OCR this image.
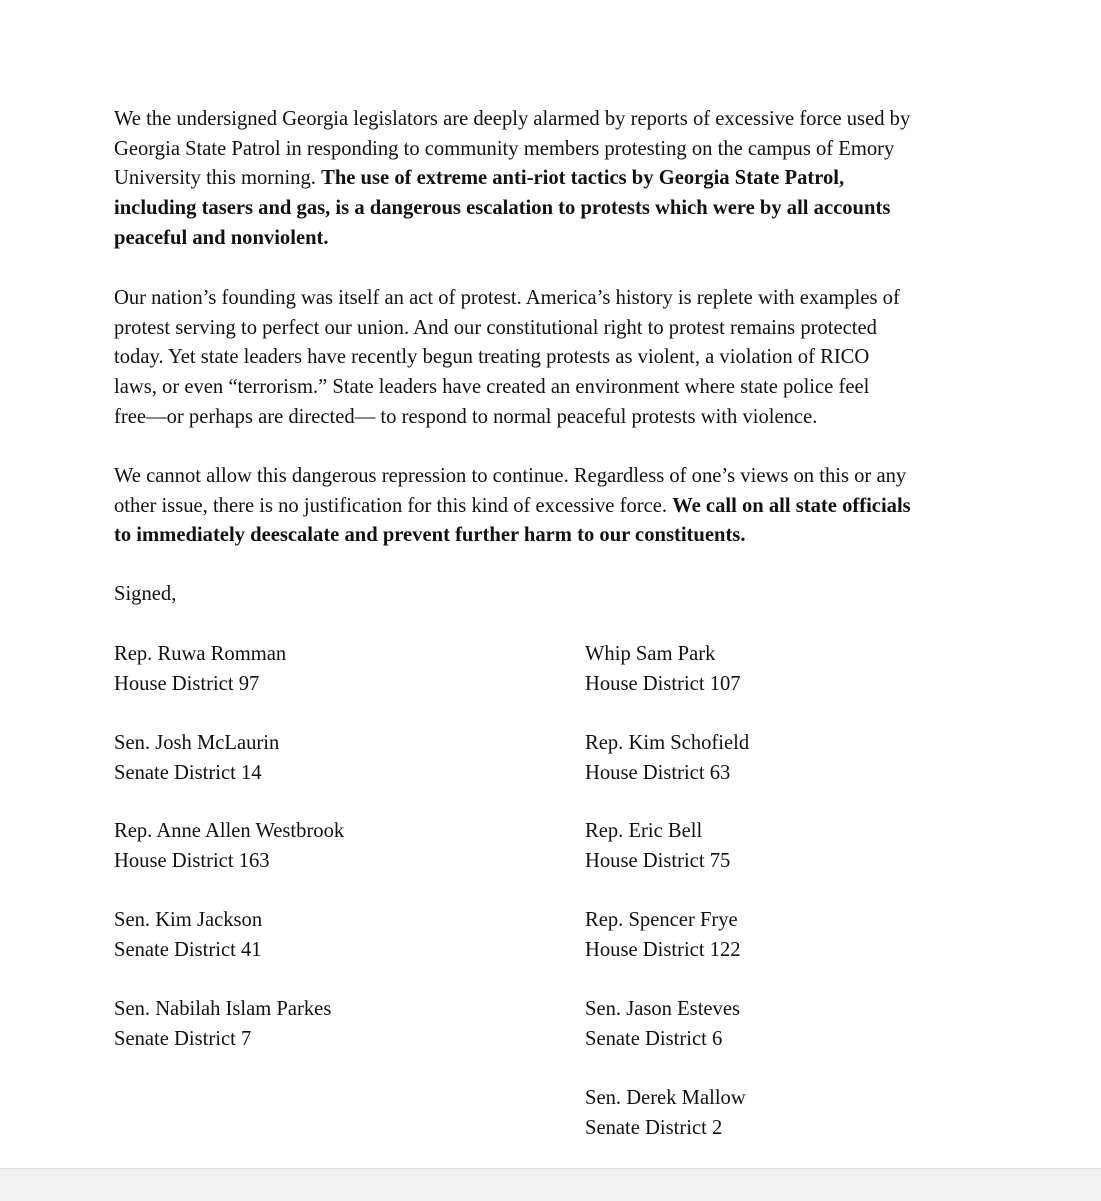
We the undersigned Georgia legislators are deeply alarmed by reports of excessive force used by
Georgia State Patrol in responding to community members protesting on the campus of Emory
University this morning. The use of extreme anti-riot tactics by Georgia State Patrol,
including tasers and gas, is a dangerous escalation to protests which were by all accounts
peaceful and nonviolent.

Our nation’s founding was itself an act of protest. America’s history is replete with examples of
protest serving to perfect our union. And our constitutional right to protest remains protected
today. Yet state leaders have recently begun treating protests as violent, a violation of RICO
laws, or even “terrorism.” State leaders have created an environment where state police feel
free—or perhaps are directed— to respond to normal peaceful protests with violence.

We cannot allow this dangerous repression to continue. Regardless of one’s views on this or any
other issue, there is no justification for this kind of excessive force. We call on all state officials
to immediately deescalate and prevent further harm to our constituents.

Signed,

Rep. Ruwa Romman
House District 97
Sen. Josh McLaurin
Senate District 14
Rep. Anne Allen Westbrook
House District 163
Sen. Kim Jackson
Senate District 41
Sen. Nabilah Islam Parkes
Senate District 7
Whip Sam Park
House District 107
Rep. Kim Schofield
House District 63
Rep. Eric Bell
House District 75
Rep. Spencer Frye
House District 122
Sen. Jason Esteves
Senate District 6
Sen. Derek Mallow
Senate District 2
